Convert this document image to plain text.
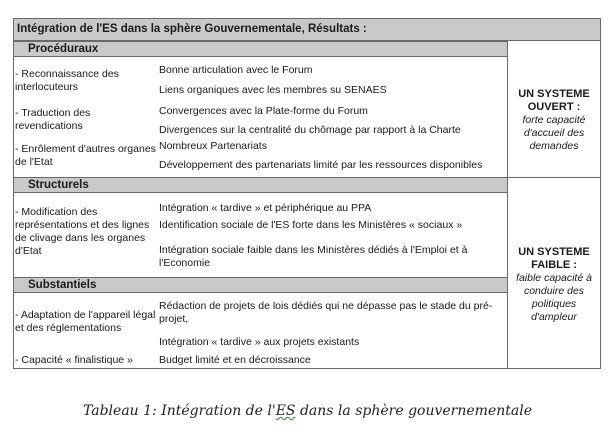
Intégration de l'ES dans la sphère Gouvernementale, Résultats :
Procéduraux
- Reconnaissance des interlocuteurs
Bonne articulation avec le Forum
Liens organiques avec les membres su SENAES
- Traduction des revendications
Convergences avec la Plate-forme du Forum
Divergences sur la centralité du chômage par rapport à la Charte
- Enrôlement d'autres organes de l'Etat
Nombreux Partenariats
Développement des partenariats limité par les ressources disponibles
Structurels
- Modification des représentations et des lignes de clivage dans les organes d'Etat
Intégration « tardive » et périphérique au PPA
Identification sociale de l'ES forte dans les Ministères « sociaux »
Intégration sociale faible dans les Ministères dédiés à l'Emploi et à l'Economie
Substantiels
- Adaptation de l'appareil légal et des réglementations
Rédaction de projets de lois dédiés qui ne dépasse pas le stade du pré-projet,
Intégration « tardive » aux projets existants
- Capacité « finalistique »	Budget limité et en décroissance
UN SYSTEME OUVERT :
forte capacité d'accueil des demandes
UN SYSTEME FAIBLE :
faible capacité à conduire des politiques d'ampleur
Tableau 1: Intégration de l'ES dans la sphère gouvernementale
